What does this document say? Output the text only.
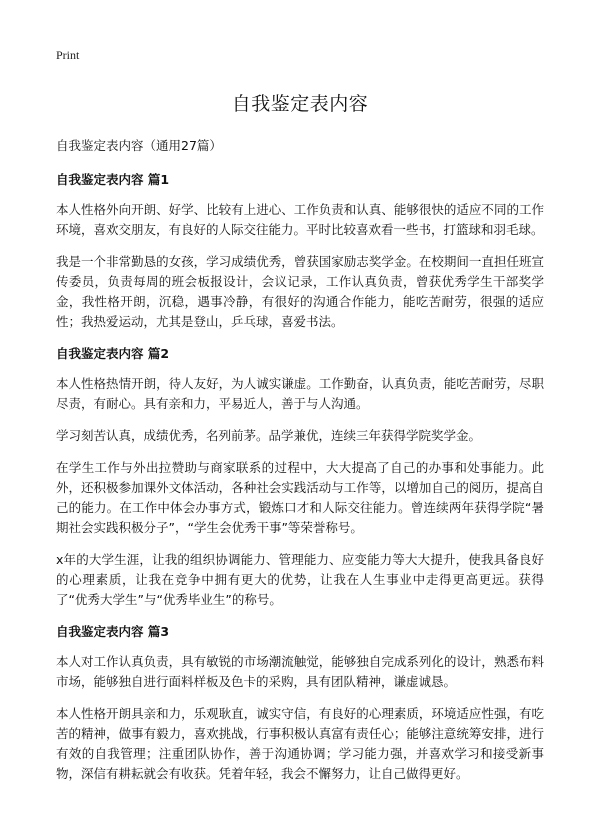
Print
自我鉴定表内容

自我鉴定表内容（通用27篇）

自我鉴定表内容 篇1

本人性格外向开朗、好学、比较有上进心、工作负责和认真、能够很快的适应不同的工作环境，喜欢交朋友，有良好的人际交往能力。平时比较喜欢看一些书，打篮球和羽毛球。

我是一个非常勤恳的女孩，学习成绩优秀，曾获国家励志奖学金。在校期间一直担任班宣传委员，负责每周的班会板报设计，会议记录，工作认真负责，曾获优秀学生干部奖学金，我性格开朗，沉稳，遇事冷静，有很好的沟通合作能力，能吃苦耐劳，很强的适应性；我热爱运动，尤其是登山，乒乓球，喜爱书法。

自我鉴定表内容 篇2

本人性格热情开朗，待人友好，为人诚实谦虚。工作勤奋，认真负责，能吃苦耐劳，尽职尽责，有耐心。具有亲和力，平易近人，善于与人沟通。

学习刻苦认真，成绩优秀，名列前茅。品学兼优，连续三年获得学院奖学金。

在学生工作与外出拉赞助与商家联系的过程中，大大提高了自己的办事和处事能力。此外，还积极参加课外文体活动，各种社会实践活动与工作等，以增加自己的阅历，提高自己的能力。在工作中体会办事方式，锻炼口才和人际交往能力。曾连续两年获得学院“暑期社会实践积极分子”，“学生会优秀干事”等荣誉称号。

x年的大学生涯，让我的组织协调能力、管理能力、应变能力等大大提升，使我具备良好的心理素质，让我在竞争中拥有更大的优势，让我在人生事业中走得更高更远。获得了“优秀大学生”与“优秀毕业生”的称号。

自我鉴定表内容 篇3

本人对工作认真负责，具有敏锐的市场潮流触觉，能够独自完成系列化的设计，熟悉布料市场，能够独自进行面料样板及色卡的采购，具有团队精神，谦虚诚恳。

本人性格开朗具亲和力，乐观耿直，诚实守信，有良好的心理素质，环境适应性强，有吃苦的精神，做事有毅力，喜欢挑战，行事积极认真富有责任心；能够注意统筹安排，进行有效的自我管理；注重团队协作，善于沟通协调；学习能力强，并喜欢学习和接受新事物，深信有耕耘就会有收获。凭着年轻，我会不懈努力，让自己做得更好。
